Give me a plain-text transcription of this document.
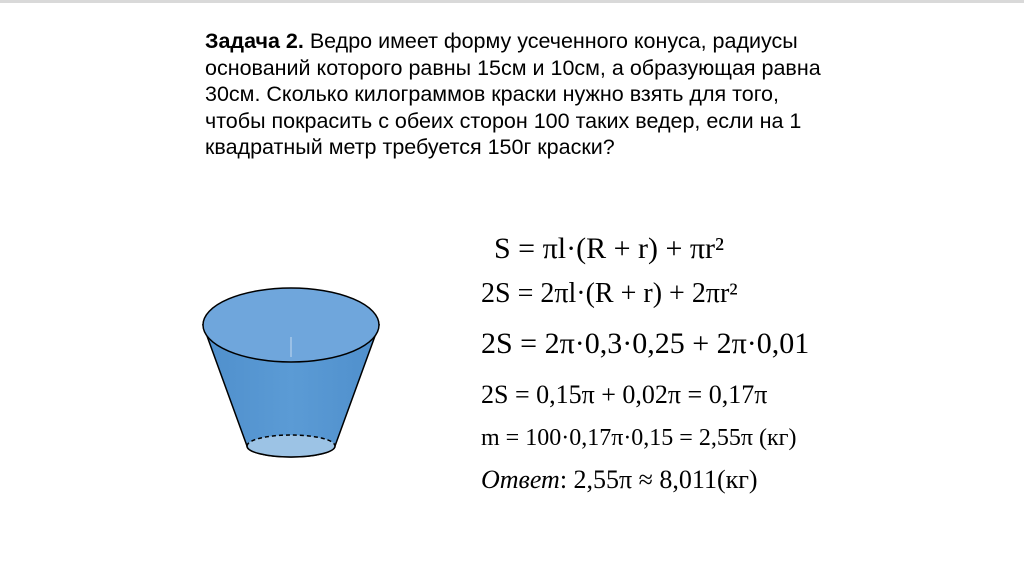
Задача 2. Ведро имеет форму усеченного конуса, радиусы оснований которого равны 15см и 10см, а образующая равна 30см. Сколько килограммов краски нужно взять для того, чтобы покрасить с обеих сторон 100 таких ведер, если на 1 квадратный метр требуется 150г краски?
S = πl·(R + r) + πr²
2S = 2πl·(R + r) + 2πr²
2S = 2π·0,3·0,25 + 2π·0,01
2S = 0,15π + 0,02π = 0,17π
m = 100·0,17π·0,15 = 2,55π (кг)
Ответ: 2,55π ≈ 8,011(кг)
